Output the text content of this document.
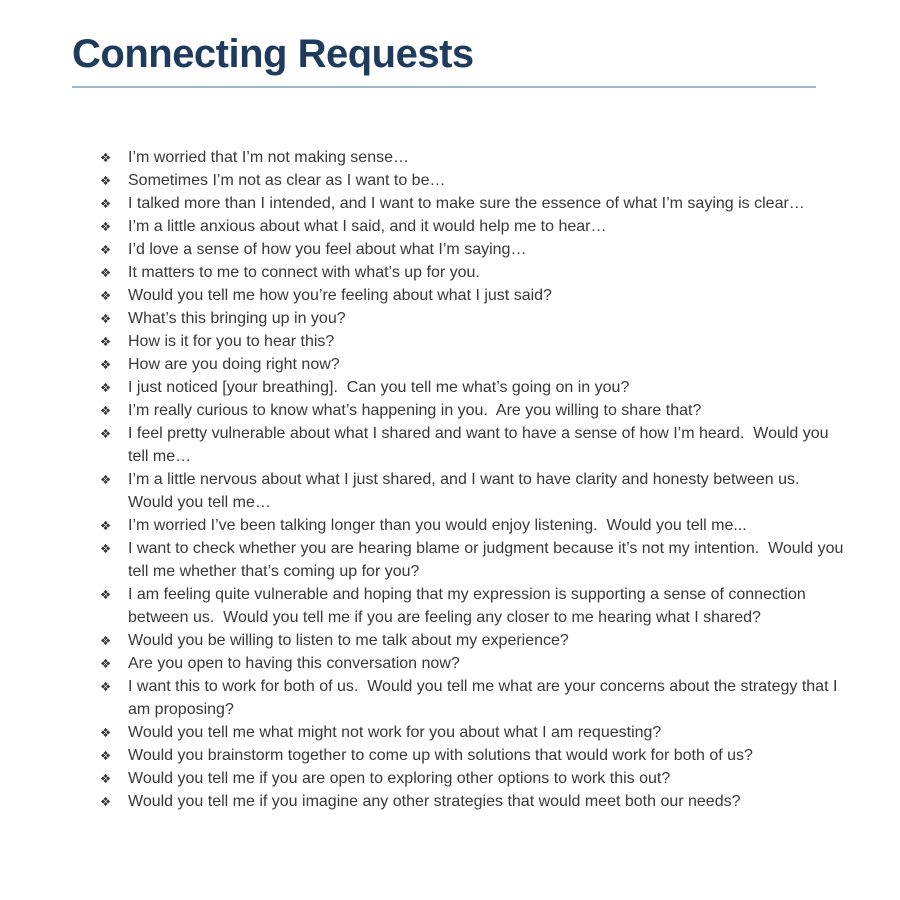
Connecting Requests
❖ I’m worried that I’m not making sense…
❖ Sometimes I’m not as clear as I want to be…
❖ I talked more than I intended, and I want to make sure the essence of what I’m saying is clear…
❖ I’m a little anxious about what I said, and it would help me to hear…
❖ I’d love a sense of how you feel about what I’m saying…
❖ It matters to me to connect with what’s up for you.
❖ Would you tell me how you’re feeling about what I just said?
❖ What’s this bringing up in you?
❖ How is it for you to hear this?
❖ How are you doing right now?
❖ I just noticed [your breathing].  Can you tell me what’s going on in you?
❖ I’m really curious to know what’s happening in you.  Are you willing to share that?
❖ I feel pretty vulnerable about what I shared and want to have a sense of how I’m heard.  Would you tell me…
❖ I’m a little nervous about what I just shared, and I want to have clarity and honesty between us.  Would you tell me…
❖ I’m worried I’ve been talking longer than you would enjoy listening.  Would you tell me...
❖ I want to check whether you are hearing blame or judgment because it’s not my intention.  Would you tell me whether that’s coming up for you?
❖ I am feeling quite vulnerable and hoping that my expression is supporting a sense of connection between us.  Would you tell me if you are feeling any closer to me hearing what I shared?
❖ Would you be willing to listen to me talk about my experience?
❖ Are you open to having this conversation now?
❖ I want this to work for both of us.  Would you tell me what are your concerns about the strategy that I am proposing?
❖ Would you tell me what might not work for you about what I am requesting?
❖ Would you brainstorm together to come up with solutions that would work for both of us?
❖ Would you tell me if you are open to exploring other options to work this out?
❖ Would you tell me if you imagine any other strategies that would meet both our needs?
